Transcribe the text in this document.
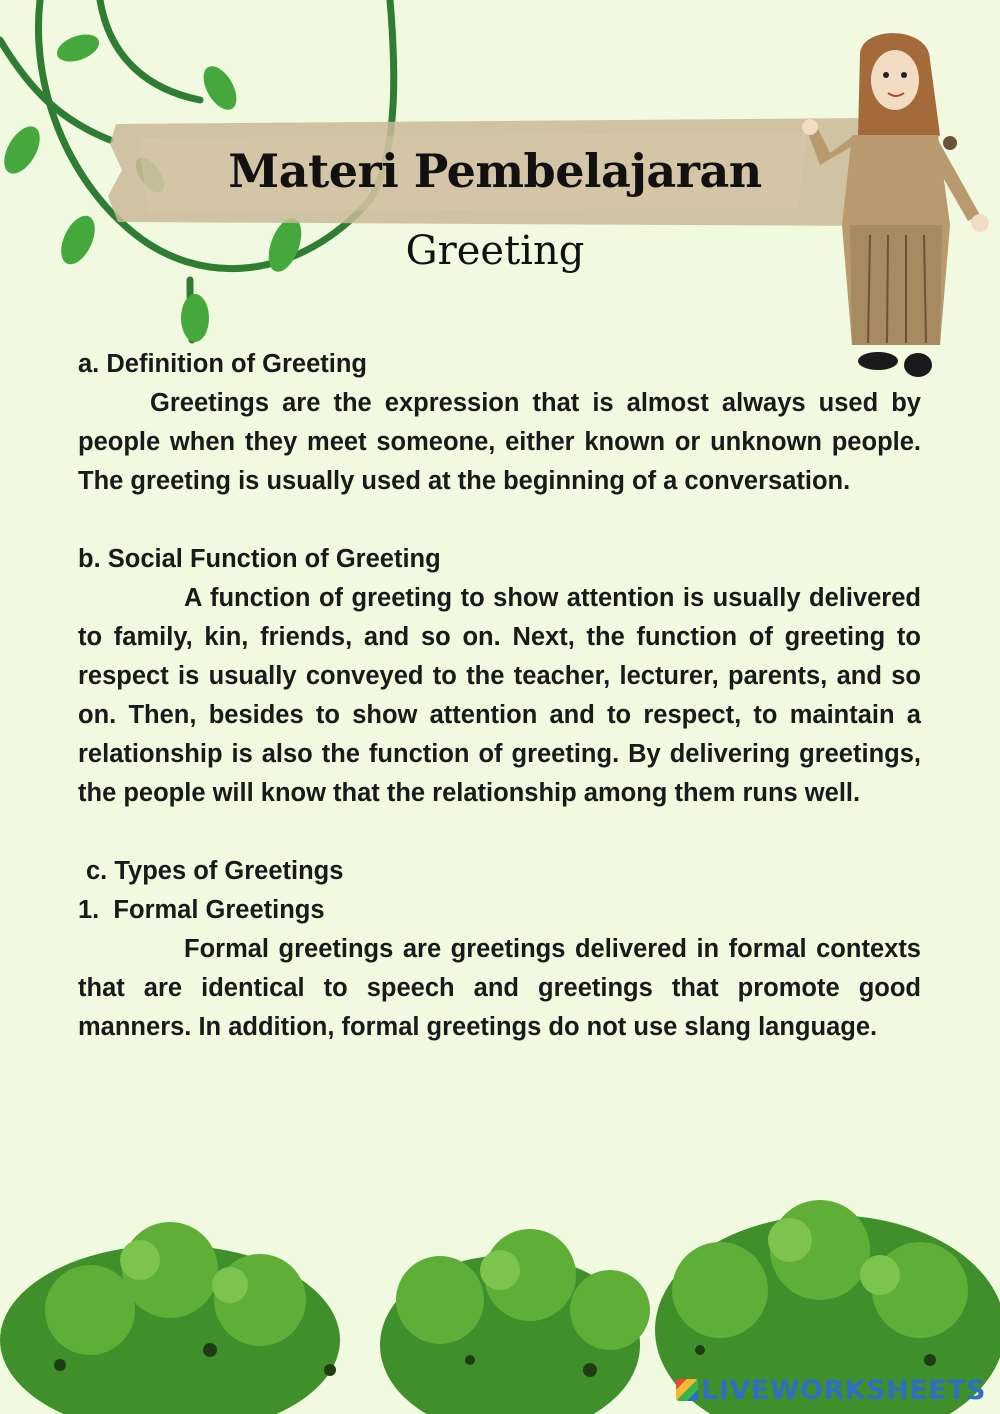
Materi Pembelajaran
Greeting

a. Definition of Greeting

Greetings are the expression that is almost always used by people when they meet someone, either known or unknown people. The greeting is usually used at the beginning of a conversation.

b. Social Function of Greeting

A function of greeting to show attention is usually delivered to family, kin, friends, and so on. Next, the function of greeting to respect is usually conveyed to the teacher, lecturer, parents, and so on. Then, besides to show attention and to respect, to maintain a relationship is also the function of greeting. By delivering greetings, the people will know that the relationship among them runs well.

c. Types of Greetings

1.  Formal Greetings

Formal greetings are greetings delivered in formal contexts that are identical to speech and greetings that promote good manners. In addition, formal greetings do not use slang language.

LIVEWORKSHEETS
